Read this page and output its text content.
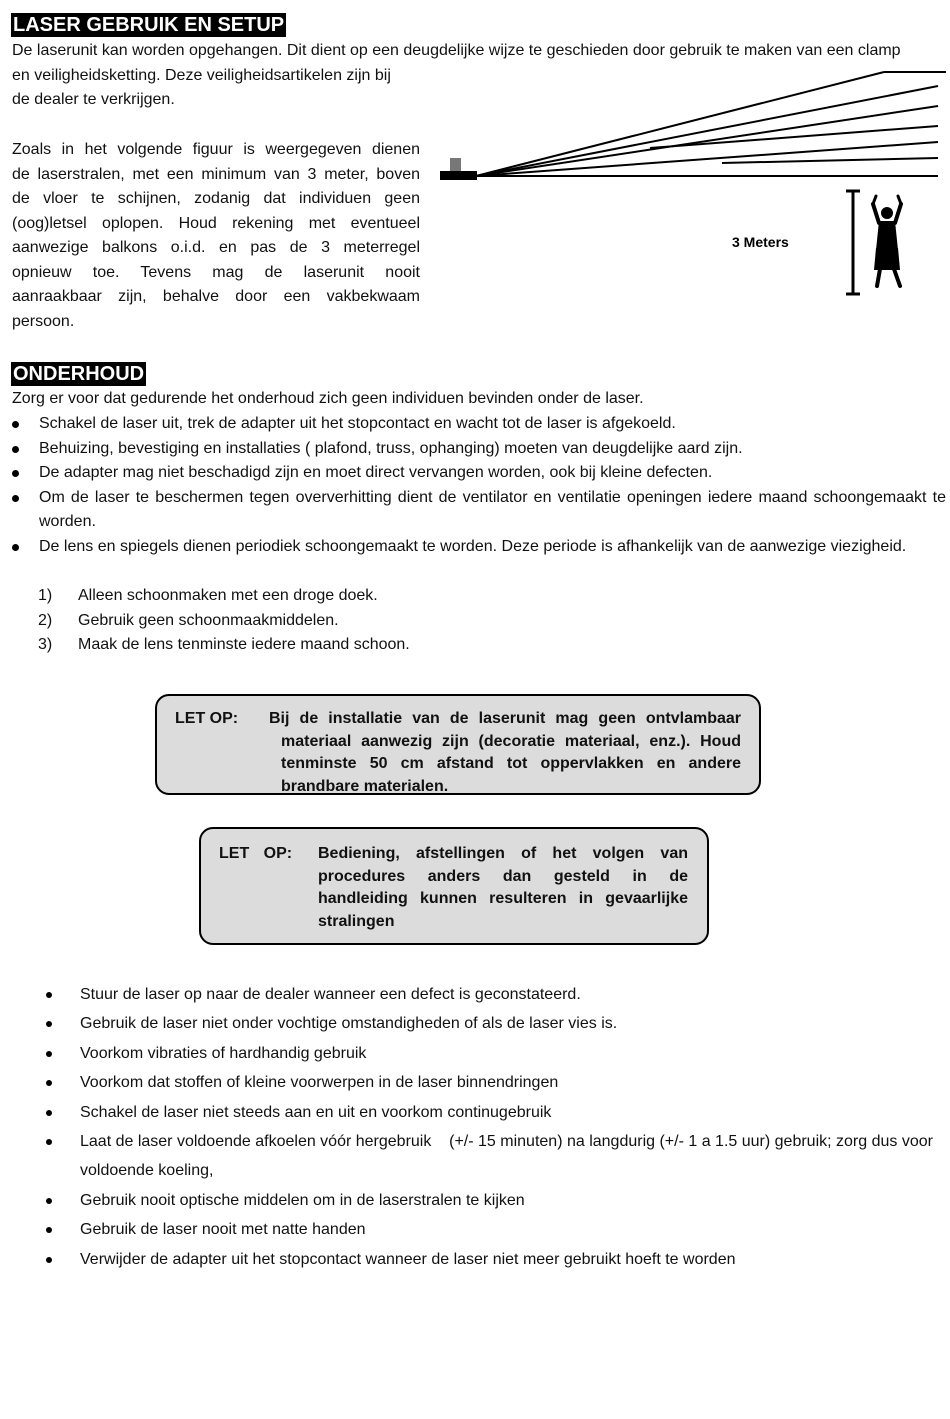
LASER GEBRUIK EN SETUP
De laserunit kan worden opgehangen. Dit dient op een deugdelijke wijze te geschieden door gebruik te maken van een clamp
en veiligheidsketting. Deze veiligheidsartikelen zijn bij
de dealer te verkrijgen.
Zoals in het volgende figuur is weergegeven dienen
de laserstralen, met een minimum van 3 meter, boven
de vloer te schijnen, zodanig dat individuen geen
(oog)letsel oplopen. Houd rekening met eventueel
aanwezige balkons o.i.d. en pas de 3 meterregel
opnieuw toe. Tevens mag de laserunit nooit
aanraakbaar zijn, behalve door een vakbekwaam
persoon.
3 Meters
ONDERHOUD
Zorg er voor dat gedurende het onderhoud zich geen individuen bevinden onder de laser.
Schakel de laser uit, trek de adapter uit het stopcontact en wacht tot de laser is afgekoeld.
Behuizing, bevestiging en installaties ( plafond, truss, ophanging) moeten van deugdelijke aard zijn.
De adapter mag niet beschadigd zijn en moet direct vervangen worden, ook bij kleine defecten.
Om de laser te beschermen tegen oververhitting dient de ventilator en ventilatie openingen iedere maand schoongemaakt te worden.
De lens en spiegels dienen periodiek schoongemaakt te worden. Deze periode is afhankelijk van de aanwezige viezigheid.
1) Alleen schoonmaken met een droge doek.
2) Gebruik geen schoonmaakmiddelen.
3) Maak de lens tenminste iedere maand schoon.
LET OP: Bij de installatie van de laserunit mag geen ontvlambaar
materiaal aanwezig zijn (decoratie materiaal, enz.). Houd
tenminste 50 cm afstand tot oppervlakken en andere
brandbare materialen.
LET OP: Bediening, afstellingen of het volgen van
procedures anders dan gesteld in de
handleiding kunnen resulteren in gevaarlijke
stralingen
Stuur de laser op naar de dealer wanneer een defect is geconstateerd.
Gebruik de laser niet onder vochtige omstandigheden of als de laser vies is.
Voorkom vibraties of hardhandig gebruik
Voorkom dat stoffen of kleine voorwerpen in de laser binnendringen
Schakel de laser niet steeds aan en uit en voorkom continugebruik
Laat de laser voldoende afkoelen vóór hergebruik    (+/- 15 minuten) na langdurig (+/- 1 a 1.5 uur) gebruik; zorg dus voor voldoende koeling,
Gebruik nooit optische middelen om in de laserstralen te kijken
Gebruik de laser nooit met natte handen
Verwijder de adapter uit het stopcontact wanneer de laser niet meer gebruikt hoeft te worden
